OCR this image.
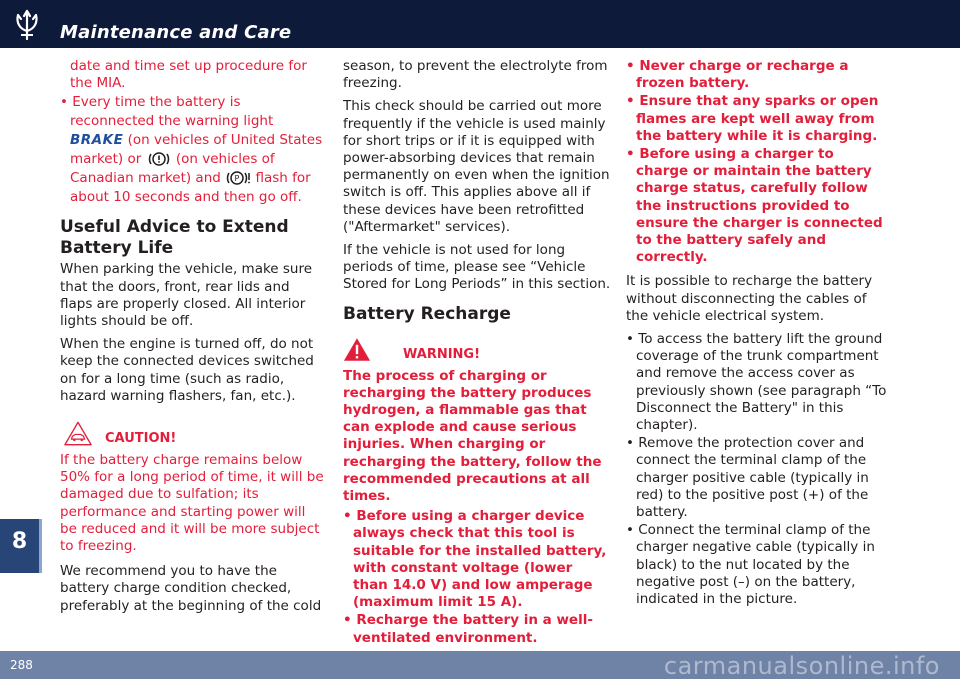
Maintenance and Care
8

date and time set up procedure for the MIA.

• Every time the battery is reconnected the warning light BRAKE (on vehicles of United States market) or	(on vehicles of Canadian market) and P flash for about 10 seconds and then go off.

Useful Advice to Extend Battery Life

When parking the vehicle, make sure that the doors, front, rear lids and flaps are properly closed. All interior lights should be off.

When the engine is turned off, do not keep the connected devices switched on for a long time (such as radio, hazard warning flashers, fan, etc.).

CAUTION!

If the battery charge remains below 50% for a long period of time, it will be damaged due to sulfation; its performance and starting power will be reduced and it will be more subject to freezing.

We recommend you to have the battery charge condition checked, preferably at the beginning of the cold

season, to prevent the electrolyte from freezing.

This check should be carried out more frequently if the vehicle is used mainly for short trips or if it is equipped with power-absorbing devices that remain permanently on even when the ignition switch is off. This applies above all if these devices have been retrofitted ("Aftermarket" services).

If the vehicle is not used for long periods of time, please see “Vehicle Stored for Long Periods” in this section.

Battery Recharge
WARNING!

The process of charging or recharging the battery produces hydrogen, a flammable gas that can explode and cause serious injuries. When charging or recharging the battery, follow the recommended precautions at all times.

• Before using a charger device always check that this tool is suitable for the installed battery, with constant voltage (lower than 14.0 V) and low amperage (maximum limit 15 A).

• Recharge the battery in a well-ventilated environment.

• Never charge or recharge a frozen battery.

• Ensure that any sparks or open flames are kept well away from the battery while it is charging.

• Before using a charger to charge or maintain the battery charge status, carefully follow the instructions provided to ensure the charger is connected to the battery safely and correctly.

It is possible to recharge the battery without disconnecting the cables of the vehicle electrical system.

• To access the battery lift the ground coverage of the trunk compartment and remove the access cover as previously shown (see paragraph “To Disconnect the Battery" in this chapter).

• Remove the protection cover and connect the terminal clamp of the charger positive cable (typically in red) to the positive post (+) of the battery.

• Connect the terminal clamp of the charger negative cable (typically in black) to the nut located by the negative post (–) on the battery, indicated in the picture.

288	carmanualsonline.info
